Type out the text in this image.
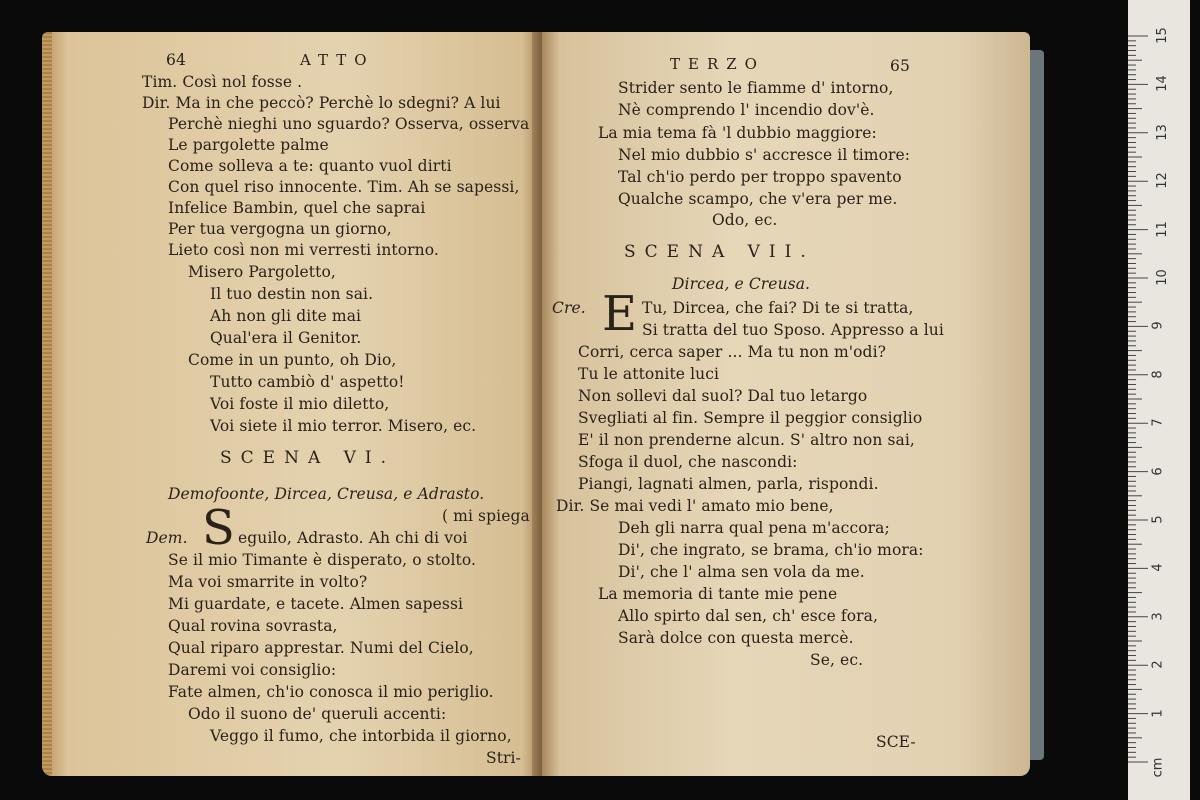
64	ATTO
Tim. Così nol fosse .
Dir. Ma in che peccò? Perchè lo sdegni? A lui
Perchè nieghi uno sguardo? Osserva, osserva
Le pargolette palme
Come solleva a te: quanto vuol dirti
Con quel riso innocente. Tim. Ah se sapessi,
Infelice Bambin, quel che saprai
Per tua vergogna un giorno,
Lieto così non mi verresti intorno.
Misero Pargoletto,
Il tuo destin non sai.
Ah non gli dite mai
Qual'era il Genitor.
Come in un punto, oh Dio,
Tutto cambiò d' aspetto!
Voi foste il mio diletto,
Voi siete il mio terror. Misero, ec.
SCENA VI.
Demofoonte, Dircea, Creusa, e Adrasto.
( mi spiega
Dem. S eguilo, Adrasto. Ah chi di voi
Se il mio Timante è disperato, o stolto.
Ma voi smarrite in volto?
Mi guardate, e tacete. Almen sapessi
Qual rovina sovrasta,
Qual riparo apprestar. Numi del Cielo,
Daremi voi consiglio:
Fate almen, ch'io conosca il mio periglio.
Odo il suono de' queruli accenti:
Veggo il fumo, che intorbida il giorno,
Stri-
TERZO	65
Strider sento le fiamme d' intorno,
Nè comprendo l' incendio dov'è.
La mia tema fà 'l dubbio maggiore:
Nel mio dubbio s' accresce il timore:
Tal ch'io perdo per troppo spavento
Qualche scampo, che v'era per me.
Odo, ec.
SCENA VII.
Dircea, e Creusa.
Cre. E Tu, Dircea, che fai? Di te si tratta,
Si tratta del tuo Sposo. Appresso a lui
Corri, cerca saper ... Ma tu non m'odi?
Tu le attonite luci
Non sollevi dal suol? Dal tuo letargo
Svegliati al fin. Sempre il peggior consiglio
E' il non prenderne alcun. S' altro non sai,
Sfoga il duol, che nascondi:
Piangi, lagnati almen, parla, rispondi.
Dir. Se mai vedi l' amato mio bene,
Deh gli narra qual pena m'accora;
Di', che ingrato, se brama, ch'io mora:
Di', che l' alma sen vola da me.
La memoria di tante mie pene
Allo spirto dal sen, ch' esce fora,
Sarà dolce con questa mercè.
Se, ec.
SCE-
1
2
3
4
5
6
7
8
9
10
11
12
13
14
15
cm
